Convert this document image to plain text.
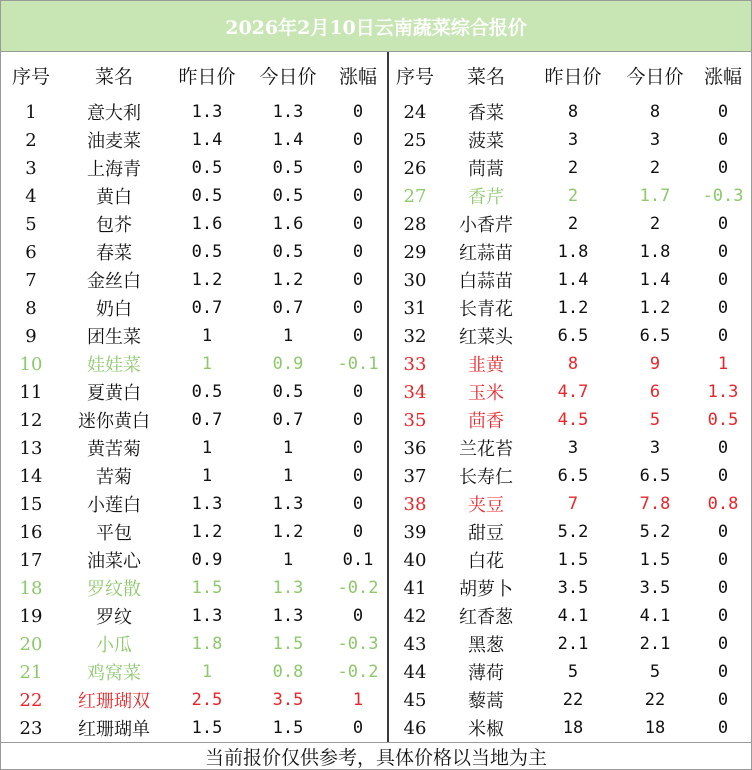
2026年2月10日云南蔬菜综合报价
序号	菜名	昨日价	今日价	涨幅
1	意大利	1.3	1.3	0
2	油麦菜	1.4	1.4	0
3	上海青	0.5	0.5	0
4	黄白	0.5	0.5	0
5	包芥	1.6	1.6	0
6	春菜	0.5	0.5	0
7	金丝白	1.2	1.2	0
8	奶白	0.7	0.7	0
9	团生菜	1	1	0
10	娃娃菜	1	0.9	-0.1
11	夏黄白	0.5	0.5	0
12	迷你黄白	0.7	0.7	0
13	黄苦菊	1	1	0
14	苦菊	1	1	0
15	小莲白	1.3	1.3	0
16	平包	1.2	1.2	0
17	油菜心	0.9	1	0.1
18	罗纹散	1.5	1.3	-0.2
19	罗纹	1.3	1.3	0
20	小瓜	1.8	1.5	-0.3
21	鸡窝菜	1	0.8	-0.2
22	红珊瑚双	2.5	3.5	1
23	红珊瑚单	1.5	1.5	0
序号	菜名	昨日价	今日价	涨幅
24	香菜	8	8	0
25	菠菜	3	3	0
26	茼蒿	2	2	0
27	香芹	2	1.7	-0.3
28	小香芹	2	2	0
29	红蒜苗	1.8	1.8	0
30	白蒜苗	1.4	1.4	0
31	长青花	1.2	1.2	0
32	红菜头	6.5	6.5	0
33	韭黄	8	9	1
34	玉米	4.7	6	1.3
35	茴香	4.5	5	0.5
36	兰花苔	3	3	0
37	长寿仁	6.5	6.5	0
38	夹豆	7	7.8	0.8
39	甜豆	5.2	5.2	0
40	白花	1.5	1.5	0
41	胡萝卜	3.5	3.5	0
42	红香葱	4.1	4.1	0
43	黑葱	2.1	2.1	0
44	薄荷	5	5	0
45	藜蒿	22	22	0
46	米椒	18	18	0
当前报价仅供参考，具体价格以当地为主
